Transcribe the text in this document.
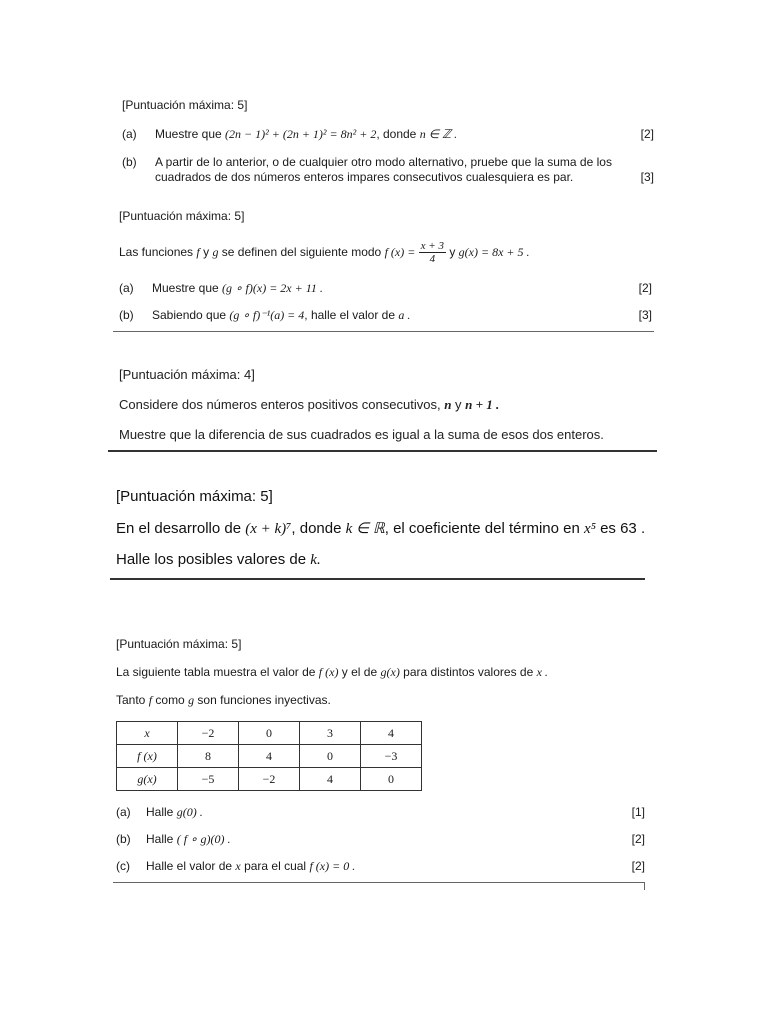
[Puntuación máxima: 5]
(a) Muestre que (2n − 1)² + (2n + 1)² = 8n² + 2, donde n ∈ ℤ .	[2]
(b) A partir de lo anterior, o de cualquier otro modo alternativo, pruebe que la suma de los
cuadrados de dos números enteros impares consecutivos cualesquiera es par.	[3]
[Puntuación máxima: 5]
Las funciones f y g se definen del siguiente modo f $(x) = \frac{x + 3}{4}$ y g(x) = 8x + 5 .
(a) Muestre que (g ∘ f)(x) = 2x + 11 .	[2]
(b) Sabiendo que (g ∘ f)⁻¹(a) = 4, halle el valor de a .	[3]
[Puntuación máxima: 4]
Considere dos números enteros positivos consecutivos, n y n + 1 .
Muestre que la diferencia de sus cuadrados es igual a la suma de esos dos enteros.
[Puntuación máxima: 5]
En el desarrollo de (x + k)⁷, donde k ∈ ℝ, el coeficiente del término en x⁵ es 63 .
Halle los posibles valores de k.
[Puntuación máxima: 5]
La siguiente tabla muestra el valor de f (x) y el de g(x) para distintos valores de x .
Tanto f como g son funciones inyectivas.
x	−2	0	3	4
f (x)	8	4	0	−3
g(x)	−5	−2	4	0
(a) Halle g(0) .	[1]
(b) Halle ( f ∘ g)(0) .	[2]
(c) Halle el valor de x para el cual f (x) = 0 .	[2]
